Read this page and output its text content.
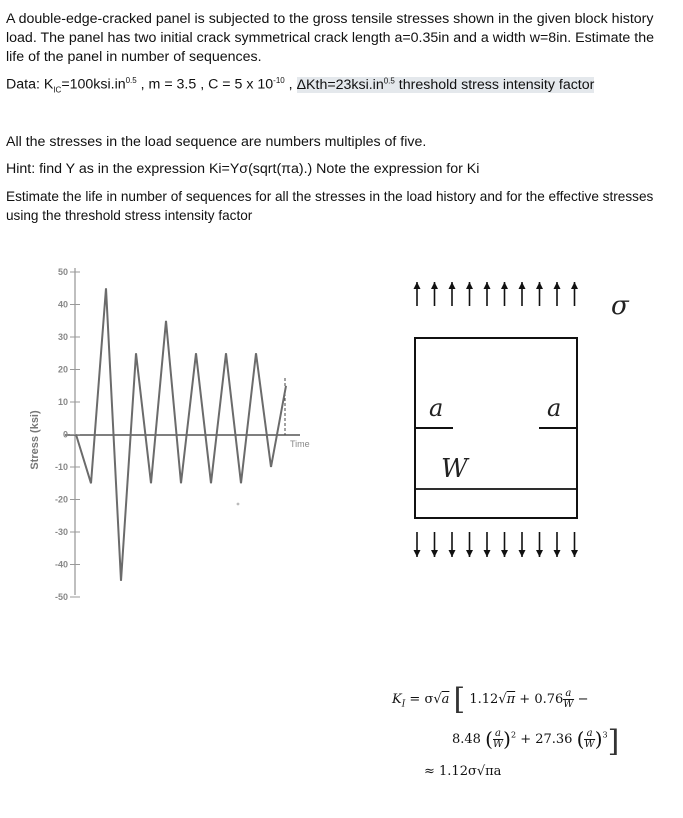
A double-edge-cracked panel is subjected to the gross tensile stresses shown in the given block history load. The panel has two initial crack symmetrical crack length a=0.35in and a width w=8in. Estimate the life of the panel in number of sequences.

Data: $K_{IC}=100ksi.in^{0.5}$ , m = 3.5 , C = 5 x $10^{-10}$ , $\Delta Kth=23ksi.in^{0.5}$ threshold stress intensity factor

All the stresses in the load sequence are numbers multiples of five.

Hint: find Y as in the expression Ki=Yσ(sqrt(πa).) Note the expression for Ki

Estimate the life in number of sequences for all the stresses in the load history and for the effective stresses using the threshold stress intensity factor

Stress (ksi)	Time
50
40
30
20
10
0
-10
-20
-30
-40
-50
σ
a	a
W
$K_I = \sigma√a$ [ $1.12√\pi + 0.76 \frac{a}{W}$ −
8.48 ( $\frac{a}{W} )^2 + 27.36$ ( $\frac{a}{W} )^3$]
≈ 1.12σ√πa
